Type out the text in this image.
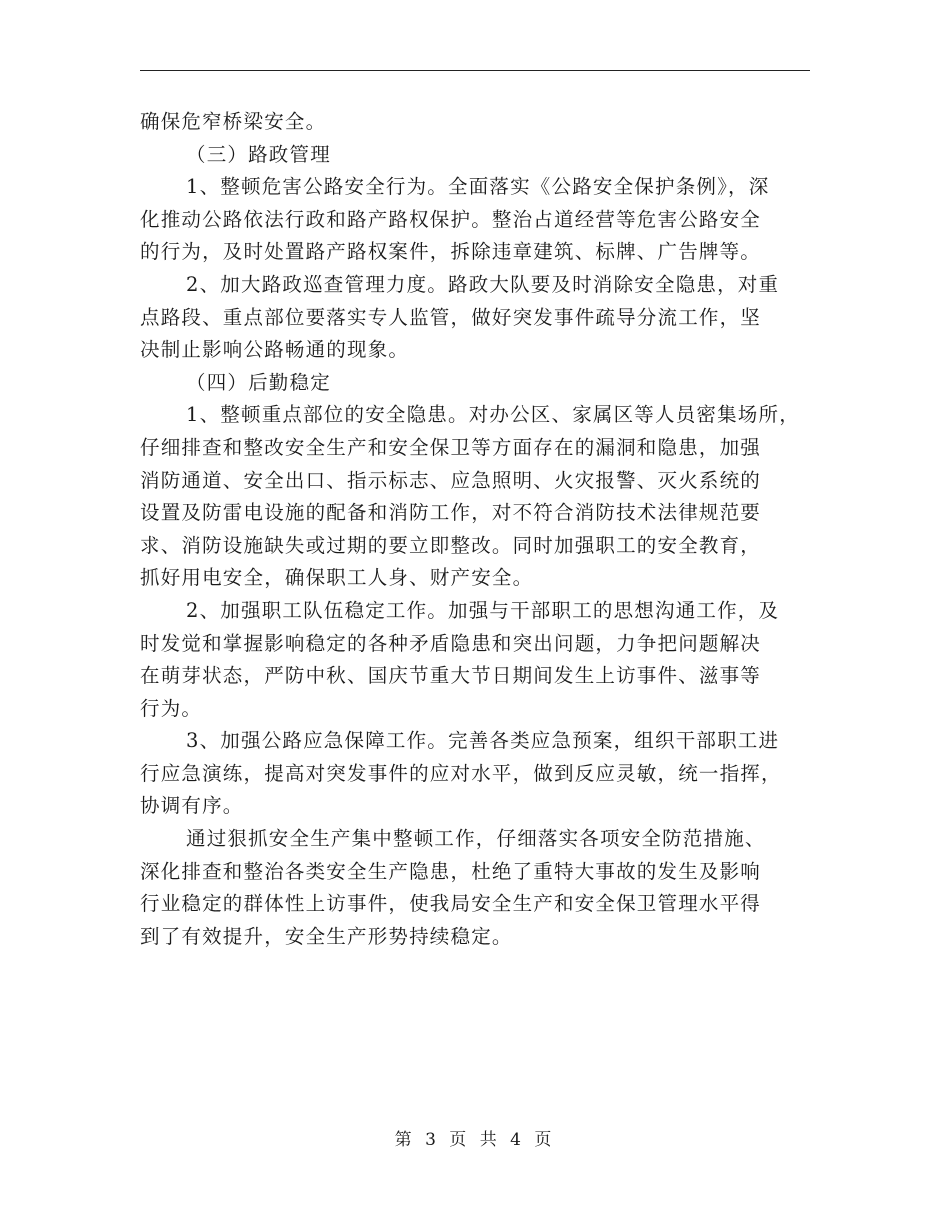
确保危窄桥梁安全。
（三）路政管理
1、整顿危害公路安全行为。全面落实《公路安全保护条例》，深
化推动公路依法行政和路产路权保护。整治占道经营等危害公路安全
的行为，及时处置路产路权案件，拆除违章建筑、标牌、广告牌等。
2、加大路政巡查管理力度。路政大队要及时消除安全隐患，对重
点路段、重点部位要落实专人监管，做好突发事件疏导分流工作，坚
决制止影响公路畅通的现象。
（四）后勤稳定
1、整顿重点部位的安全隐患。对办公区、家属区等人员密集场所，
仔细排查和整改安全生产和安全保卫等方面存在的漏洞和隐患，加强
消防通道、安全出口、指示标志、应急照明、火灾报警、灭火系统的
设置及防雷电设施的配备和消防工作，对不符合消防技术法律规范要
求、消防设施缺失或过期的要立即整改。同时加强职工的安全教育，
抓好用电安全，确保职工人身、财产安全。
2、加强职工队伍稳定工作。加强与干部职工的思想沟通工作，及
时发觉和掌握影响稳定的各种矛盾隐患和突出问题，力争把问题解决
在萌芽状态，严防中秋、国庆节重大节日期间发生上访事件、滋事等
行为。
3、加强公路应急保障工作。完善各类应急预案，组织干部职工进
行应急演练，提高对突发事件的应对水平，做到反应灵敏，统一指挥，
协调有序。
通过狠抓安全生产集中整顿工作，仔细落实各项安全防范措施、
深化排查和整治各类安全生产隐患，杜绝了重特大事故的发生及影响
行业稳定的群体性上访事件，使我局安全生产和安全保卫管理水平得
到了有效提升，安全生产形势持续稳定。
第 3 页 共 4 页
